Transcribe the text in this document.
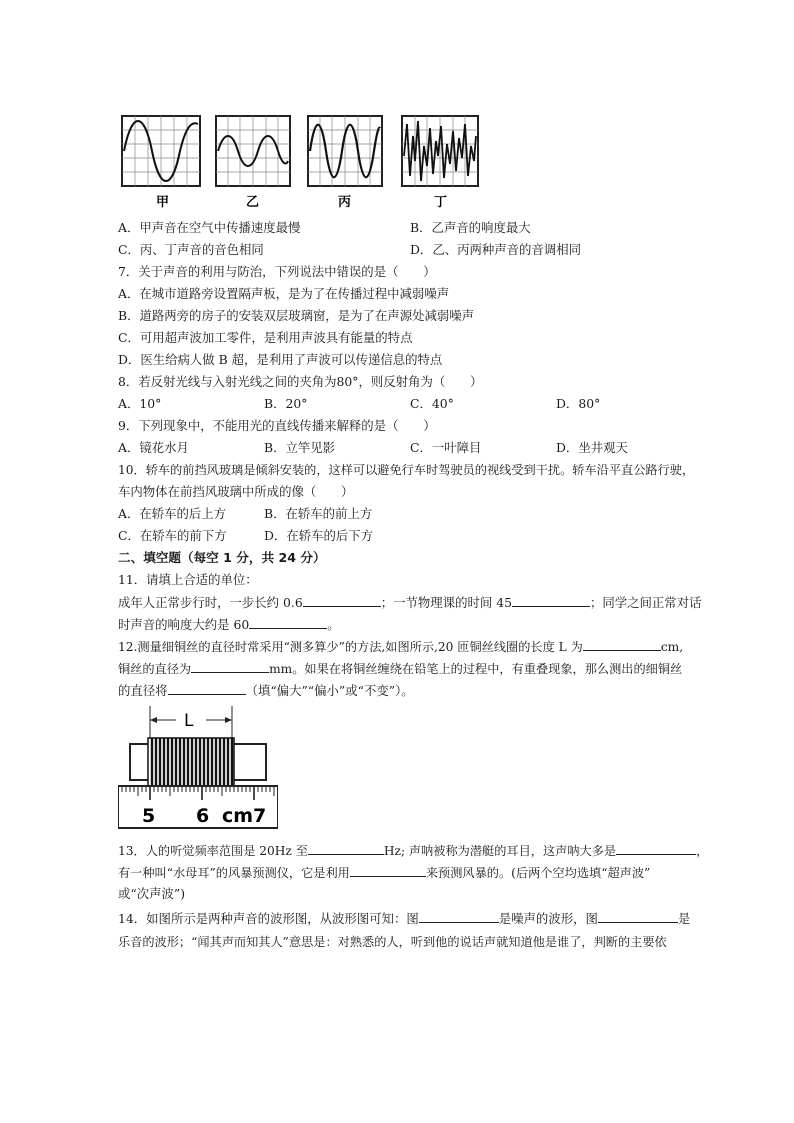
甲	乙	丙	丁
A．甲声音在空气中传播速度最慢	B．乙声音的响度最大
C．丙、丁声音的音色相同	D．乙、丙两种声音的音调相同
7．关于声音的利用与防治，下列说法中错误的是（　　）
A．在城市道路旁设置隔声板，是为了在传播过程中减弱噪声
B．道路两旁的房子的安装双层玻璃窗，是为了在声源处减弱噪声
C．可用超声波加工零件，是利用声波具有能量的特点
D．医生给病人做 B 超，是利用了声波可以传递信息的特点
8．若反射光线与入射光线之间的夹角为80°，则反射角为（　　）
A．10°	B．20°	C．40°	D．80°
9．下列现象中，不能用光的直线传播来解释的是（　　）
A．镜花水月	B．立竿见影	C．一叶障目	D．坐井观天
10．轿车的前挡风玻璃是倾斜安装的，这样可以避免行车时驾驶员的视线受到干扰。轿车沿平直公路行驶，
车内物体在前挡风玻璃中所成的像（　　）
A．在轿车的后上方	B．在轿车的前上方
C．在轿车的前下方	D．在轿车的后下方
二、填空题（每空 1 分，共 24 分）
11．请填上合适的单位：
成年人正常步行时，一步长约 0.6	；一节物理课的时间 45	；同学之间正常对话
时声音的响度大约是 60	。
12.测量细铜丝的直径时常采用“测多算少”的方法,如图所示,20 匝铜丝线圈的长度 L 为	cm,
铜丝的直径为	mm。如果在将铜丝缠绕在铅笔上的过程中，有重叠现象，那么测出的细铜丝
的直径将	（填“偏大”“偏小”或“不变”）。
L
5 6 cm7
13．人的听觉频率范围是 20Hz 至	Hz; 声呐被称为潜艇的耳目，这声呐大多是	，
有一种叫“水母耳”的风暴预测仪，它是利用	来预测风暴的。(后两个空均选填“超声波”
或“次声波”)
14．如图所示是两种声音的波形图，从波形图可知：图	是噪声的波形，图	是
乐音的波形；“闻其声而知其人”意思是：对熟悉的人，听到他的说话声就知道他是谁了，判断的主要依
